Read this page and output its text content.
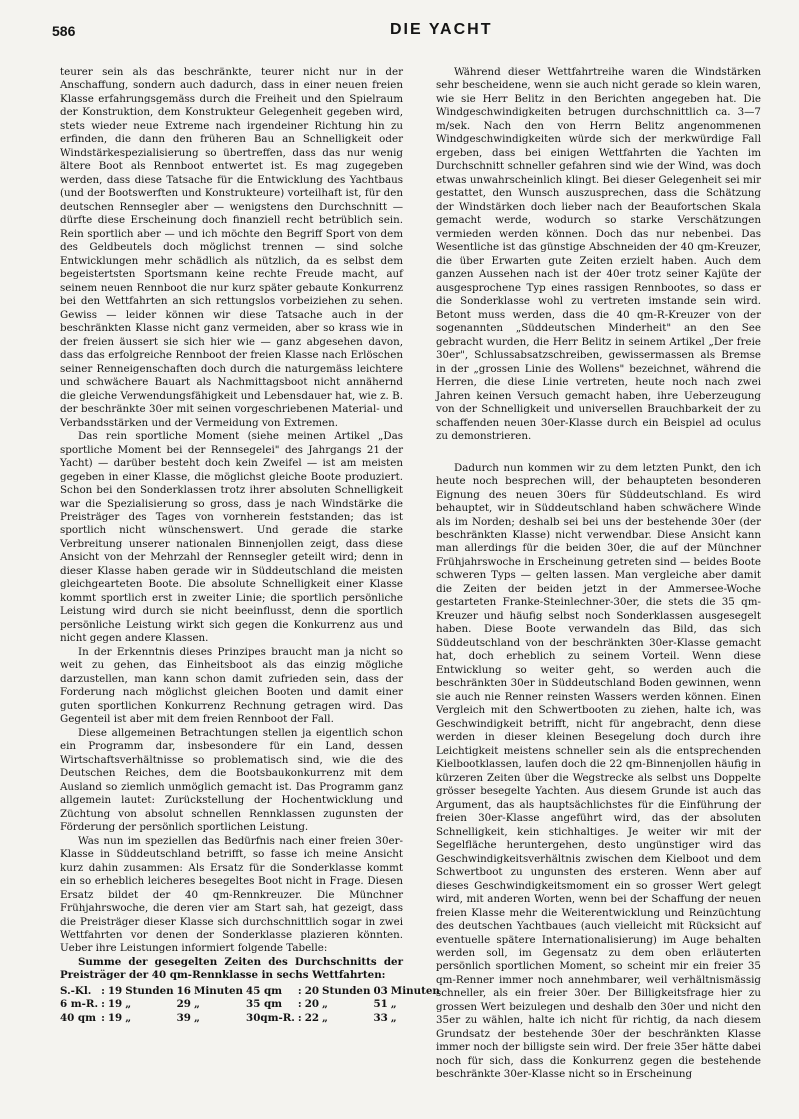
586	DIE YACHT

teurer sein als das beschränkte, teurer nicht nur in der Anschaffung, sondern auch dadurch, dass in einer neuen freien Klasse erfahrungsgemäss durch die Freiheit und den Spielraum der Konstruktion, dem Konstrukteur Gelegenheit gegeben wird, stets wieder neue Extreme nach irgendeiner Richtung hin zu erfinden, die dann den früheren Bau an Schnelligkeit oder Windstärkespezialisierung so übertreffen, dass das nur wenig ältere Boot als Rennboot entwertet ist. Es mag zugegeben werden, dass diese Tatsache für die Entwicklung des Yachtbaus (und der Bootswerften und Konstrukteure) vorteilhaft ist, für den deutschen Rennsegler aber — wenigstens den Durchschnitt — dürfte diese Erscheinung doch finanziell recht betrüblich sein. Rein sportlich aber — und ich möchte den Begriff Sport von dem des Geldbeutels doch möglichst trennen — sind solche Entwicklungen mehr schädlich als nützlich, da es selbst dem begeistertsten Sportsmann keine rechte Freude macht, auf seinem neuen Rennboot die nur kurz später gebaute Konkurrenz bei den Wettfahrten an sich rettungslos vorbeiziehen zu sehen. Gewiss — leider können wir diese Tatsache auch in der beschränkten Klasse nicht ganz vermeiden, aber so krass wie in der freien äussert sie sich hier wie — ganz abgesehen davon, dass das erfolgreiche Rennboot der freien Klasse nach Erlöschen seiner Renneigenschaften doch durch die naturgemäss leichtere und schwächere Bauart als Nachmittagsboot nicht annähernd die gleiche Verwendungsfähigkeit und Lebensdauer hat, wie z. B. der beschränkte 30er mit seinen vorgeschriebenen Material- und Verbandsstärken und der Vermeidung von Extremen.

Das rein sportliche Moment (siehe meinen Artikel „Das sportliche Moment bei der Rennsegelei" des Jahrgangs 21 der Yacht) — darüber besteht doch kein Zweifel — ist am meisten gegeben in einer Klasse, die möglichst gleiche Boote produziert. Schon bei den Sonderklassen trotz ihrer absoluten Schnelligkeit war die Spezialisierung so gross, dass je nach Windstärke die Preisträger des Tages von vornherein feststanden; das ist sportlich nicht wünschenswert. Und gerade die starke Verbreitung unserer nationalen Binnenjollen zeigt, dass diese Ansicht von der Mehrzahl der Rennsegler geteilt wird; denn in dieser Klasse haben gerade wir in Süddeutschland die meisten gleichgearteten Boote. Die absolute Schnelligkeit einer Klasse kommt sportlich erst in zweiter Linie; die sportlich persönliche Leistung wird durch sie nicht beeinflusst, denn die sportlich persönliche Leistung wirkt sich gegen die Konkurrenz aus und nicht gegen andere Klassen.

In der Erkenntnis dieses Prinzipes braucht man ja nicht so weit zu gehen, das Einheitsboot als das einzig mögliche darzustellen, man kann schon damit zufrieden sein, dass der Forderung nach möglichst gleichen Booten und damit einer guten sportlichen Konkurrenz Rechnung getragen wird. Das Gegenteil ist aber mit dem freien Rennboot der Fall.

Diese allgemeinen Betrachtungen stellen ja eigentlich schon ein Programm dar, insbesondere für ein Land, dessen Wirtschaftsverhältnisse so problematisch sind, wie die des Deutschen Reiches, dem die Bootsbaukonkurrenz mit dem Ausland so ziemlich unmöglich gemacht ist. Das Programm ganz allgemein lautet: Zurückstellung der Hochentwicklung und Züchtung von absolut schnellen Rennklassen zugunsten der Förderung der persönlich sportlichen Leistung.

Was nun im speziellen das Bedürfnis nach einer freien 30er-Klasse in Süddeutschland betrifft, so fasse ich meine Ansicht kurz dahin zusammen: Als Ersatz für die Sonderklasse kommt ein so erheblich leicheres besegeltes Boot nicht in Frage. Diesen Ersatz bildet der 40 qm-Rennkreuzer. Die Münchner Frühjahrswoche, die deren vier am Start sah, hat gezeigt, dass die Preisträger dieser Klasse sich durchschnittlich sogar in zwei Wettfahrten vor denen der Sonderklasse plazieren könnten. Ueber ihre Leistungen informiert folgende Tabelle:

Summe der gesegelten Zeiten des Durchschnitts der Preisträger der 40 qm-Rennklasse in sechs Wettfahrten:

S.-Kl.	:	19	Stunden	16	Minuten	45 qm	:	20	Stunden	03	Minuten
6 m-R.	:	19	„	29	„	35 qm	:	20	„	51	„
40 qm	:	19	„	39	„	30qm-R.	:	22	„	33	„

Während dieser Wettfahrtreihe waren die Windstärken sehr bescheidene, wenn sie auch nicht gerade so klein waren, wie sie Herr Belitz in den Berichten angegeben hat. Die Windgeschwindigkeiten betrugen durchschnittlich ca. 3—7 m/sek. Nach den von Herrn Belitz angenommenen Windgeschwindigkeiten würde sich der merkwürdige Fall ergeben, dass bei einigen Wettfahrten die Yachten im Durchschnitt schneller gefahren sind wie der Wind, was doch etwas unwahrscheinlich klingt. Bei dieser Gelegenheit sei mir gestattet, den Wunsch auszusprechen, dass die Schätzung der Windstärken doch lieber nach der Beaufortschen Skala gemacht werde, wodurch so starke Verschätzungen vermieden werden können. Doch das nur nebenbei. Das Wesentliche ist das günstige Abschneiden der 40 qm-Kreuzer, die über Erwarten gute Zeiten erzielt haben. Auch dem ganzen Aussehen nach ist der 40er trotz seiner Kajüte der ausgesprochene Typ eines rassigen Rennbootes, so dass er die Sonderklasse wohl zu vertreten imstande sein wird. Betont muss werden, dass die 40 qm-R-Kreuzer von der sogenannten „Süddeutschen Minderheit" an den See gebracht wurden, die Herr Belitz in seinem Artikel „Der freie 30er", Schlussabsatzschreiben, gewissermassen als Bremse in der „grossen Linie des Wollens" bezeichnet, während die Herren, die diese Linie vertreten, heute noch nach zwei Jahren keinen Versuch gemacht haben, ihre Ueberzeugung von der Schnelligkeit und universellen Brauchbarkeit der zu schaffenden neuen 30er-Klasse durch ein Beispiel ad oculus zu demonstrieren.

Dadurch nun kommen wir zu dem letzten Punkt, den ich heute noch besprechen will, der behaupteten besonderen Eignung des neuen 30ers für Süddeutschland. Es wird behauptet, wir in Süddeutschland haben schwächere Winde als im Norden; deshalb sei bei uns der bestehende 30er (der beschränkten Klasse) nicht verwendbar. Diese Ansicht kann man allerdings für die beiden 30er, die auf der Münchner Frühjahrswoche in Erscheinung getreten sind — beides Boote schweren Typs — gelten lassen. Man vergleiche aber damit die Zeiten der beiden jetzt in der Ammersee-Woche gestarteten Franke-Steinlechner-30er, die stets die 35 qm-Kreuzer und häufig selbst noch Sonderklassen ausgesegelt haben. Diese Boote verwandeln das Bild, das sich Süddeutschland von der beschränkten 30er-Klasse gemacht hat, doch erheblich zu seinem Vorteil. Wenn diese Entwicklung so weiter geht, so werden auch die beschränkten 30er in Süddeutschland Boden gewinnen, wenn sie auch nie Renner reinsten Wassers werden können. Einen Vergleich mit den Schwertbooten zu ziehen, halte ich, was Geschwindigkeit betrifft, nicht für angebracht, denn diese werden in dieser kleinen Besegelung doch durch ihre Leichtigkeit meistens schneller sein als die entsprechenden Kielbootklassen, laufen doch die 22 qm-Binnenjollen häufig in kürzeren Zeiten über die Wegstrecke als selbst uns Doppelte grösser besegelte Yachten. Aus diesem Grunde ist auch das Argument, das als hauptsächlichstes für die Einführung der freien 30er-Klasse angeführt wird, das der absoluten Schnelligkeit, kein stichhaltiges. Je weiter wir mit der Segelfläche heruntergehen, desto ungünstiger wird das Geschwindigkeitsverhältnis zwischen dem Kielboot und dem Schwertboot zu ungunsten des ersteren. Wenn aber auf dieses Geschwindigkeitsmoment ein so grosser Wert gelegt wird, mit anderen Worten, wenn bei der Schaffung der neuen freien Klasse mehr die Weiterentwicklung und Reinzüchtung des deutschen Yachtbaues (auch vielleicht mit Rücksicht auf eventuelle spätere Internationalisierung) im Auge behalten werden soll, im Gegensatz zu dem oben erläuterten persönlich sportlichen Moment, so scheint mir ein freier 35 qm-Renner immer noch annehmbarer, weil verhältnismässig schneller, als ein freier 30er. Der Billigkeitsfrage hier zu grossen Wert beizulegen und deshalb den 30er und nicht den 35er zu wählen, halte ich nicht für richtig, da nach diesem Grundsatz der bestehende 30er der beschränkten Klasse immer noch der billigste sein wird. Der freie 35er hätte dabei noch für sich, dass die Konkurrenz gegen die bestehende beschränkte 30er-Klasse nicht so in Erscheinung
